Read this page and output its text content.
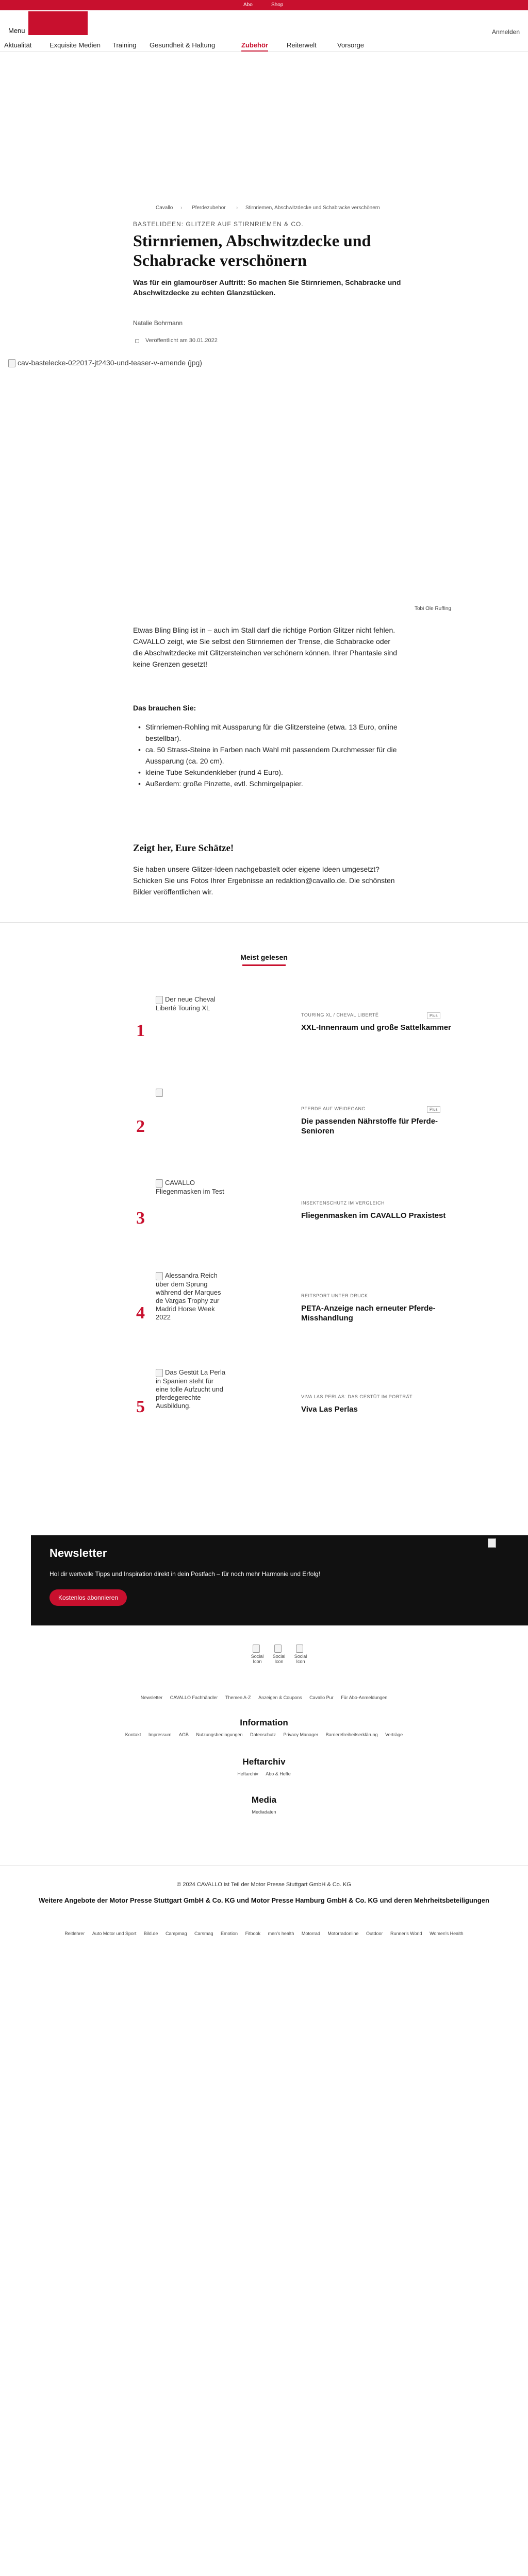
Abo	Shop
Menu	Anmelden
Aktualität	Exquisite Medien Training Gesundheit & Haltung	Zubehör	Reiterwelt	Vorsorge
Cavallo › Pferdezubehör › Stirnriemen, Abschwitzdecke und Schabracke verschönern
BASTELIDEEN: GLITZER AUF STIRNRIEMEN & CO.
Stirnriemen, Abschwitzdecke und Schabracke verschönern

Was für ein glamouröser Auftritt: So machen Sie Stirnriemen, Schabracke und Abschwitzdecke zu echten Glanzstücken.

Natalie Bohrmann
Veröffentlicht am 30.01.2022
cav-bastelecke-022017-jt2430-und-teaser-v-amende (jpg)
Tobi Ole Ruffing

Etwas Bling Bling ist in – auch im Stall darf die richtige Portion Glitzer nicht fehlen. CAVALLO zeigt, wie Sie selbst den Stirnriemen der Trense, die Schabracke oder die Abschwitzdecke mit Glitzersteinchen verschönern können. Ihrer Phantasie sind keine Grenzen gesetzt!

Das brauchen Sie:
• Stirnriemen-Rohling mit Aussparung für die Glitzersteine (etwa. 13 Euro, online bestellbar).
• ca. 50 Strass-Steine in Farben nach Wahl mit passendem Durchmesser für die Aussparung (ca. 20 cm).
• kleine Tube Sekundenkleber (rund 4 Euro).
• Außerdem: große Pinzette, evtl. Schmirgelpapier.
Zeigt her, Eure Schätze!

Sie haben unsere Glitzer-Ideen nachgebastelt oder eigene Ideen umgesetzt? Schicken Sie uns Fotos Ihrer Ergebnisse an redaktion@cavallo.de. Die schönsten Bilder veröffentlichen wir.

Meist gelesen
1
Der neue Cheval Liberté Touring XL
TOURING XL / CHEVAL LIBERTÉ	Plus
XXL-Innenraum und große Sattelkammer
2
PFERDE AUF WEIDEGANG	Plus
Die passenden Nährstoffe für Pferde-Senioren
3
CAVALLO Fliegenmasken im Test
INSEKTENSCHUTZ IM VERGLEICH
Fliegenmasken im CAVALLO Praxistest
4
Alessandra Reich über dem Sprung während der Marques de Vargas Trophy zur Madrid Horse Week 2022
REITSPORT UNTER DRUCK
PETA-Anzeige nach erneuter Pferde-Misshandlung
5
Das Gestüt La Perla in Spanien steht für eine tolle Aufzucht und pferdegerechte Ausbildung.
VIVA LAS PERLAS: DAS GESTÜT IM PORTRÄT
Viva Las Perlas
Newsletter
Hol dir wertvolle Tipps und Inspiration direkt in dein Postfach – für noch mehr Harmonie und Erfolg!
Kostenlos abonnieren
Social Icon
Social Icon
Social Icon
Newsletter CAVALLO Fachhändler Themen A-Z Anzeigen & Coupons Cavallo Pur Für Abo-Anmeldungen
Information
Kontakt Impressum AGB Nutzungsbedingungen Datenschutz Privacy Manager Barrierefreiheitserklärung Verträge
Heftarchiv
Heftarchiv Abo & Hefte
Media
Mediadaten
© 2024 CAVALLO ist Teil der Motor Presse Stuttgart GmbH & Co. KG
Weitere Angebote der Motor Presse Stuttgart GmbH & Co. KG und Motor Presse Hamburg GmbH & Co. KG und deren Mehrheitsbeteiligungen
Reitlehrer Auto Motor und Sport Bild.de Campmag Carsmag Emotion Fitbook men's health Motorrad Motorradonline Outdoor Runner's World Women's Health
